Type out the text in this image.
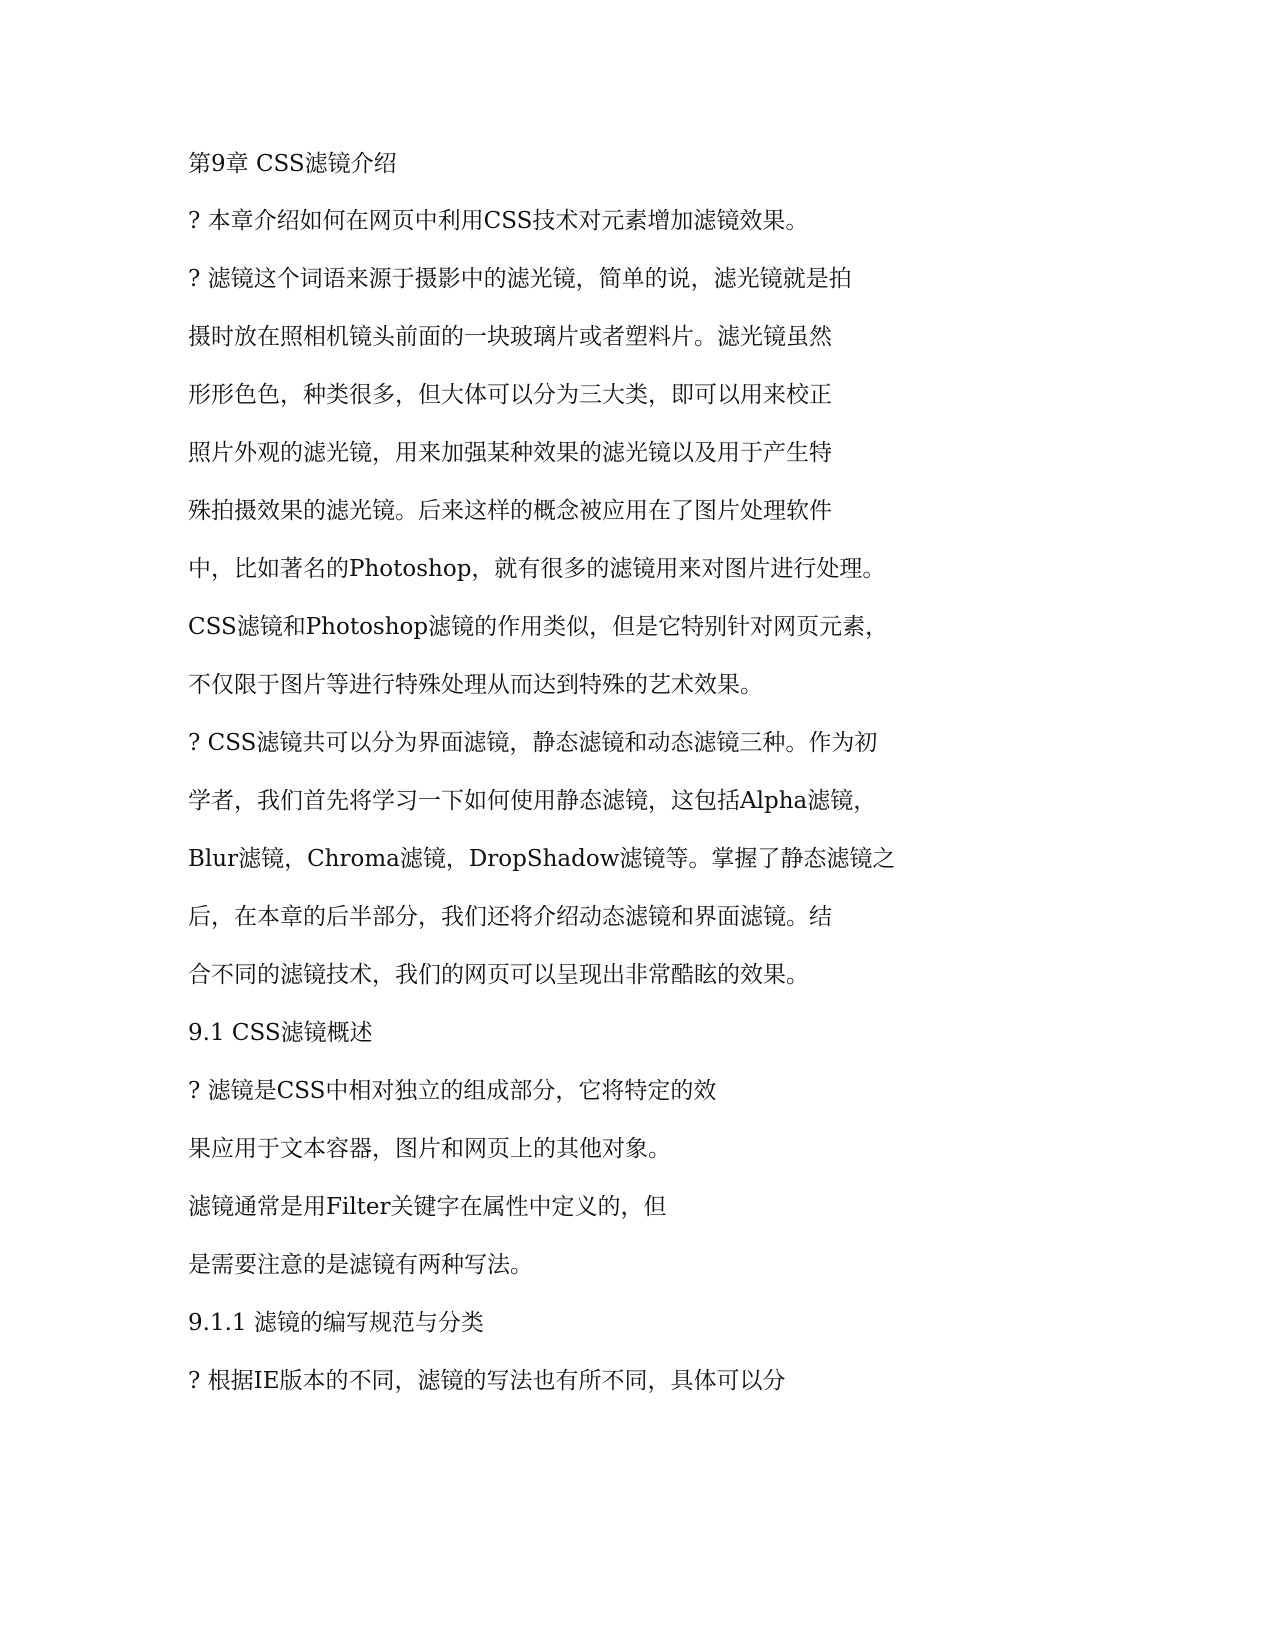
第9章 CSS滤镜介绍

? 本章介绍如何在网页中利用CSS技术对元素增加滤镜效果。

? 滤镜这个词语来源于摄影中的滤光镜，简单的说，滤光镜就是拍

摄时放在照相机镜头前面的一块玻璃片或者塑料片。滤光镜虽然

形形色色，种类很多，但大体可以分为三大类，即可以用来校正

照片外观的滤光镜，用来加强某种效果的滤光镜以及用于产生特

殊拍摄效果的滤光镜。后来这样的概念被应用在了图片处理软件

中，比如著名的Photoshop，就有很多的滤镜用来对图片进行处理。

CSS滤镜和Photoshop滤镜的作用类似，但是它特别针对网页元素，

不仅限于图片等进行特殊处理从而达到特殊的艺术效果。

? CSS滤镜共可以分为界面滤镜，静态滤镜和动态滤镜三种。作为初

学者，我们首先将学习一下如何使用静态滤镜，这包括Alpha滤镜，

Blur滤镜，Chroma滤镜，DropShadow滤镜等。掌握了静态滤镜之

后，在本章的后半部分，我们还将介绍动态滤镜和界面滤镜。结

合不同的滤镜技术，我们的网页可以呈现出非常酷眩的效果。

9.1 CSS滤镜概述

? 滤镜是CSS中相对独立的组成部分，它将特定的效

果应用于文本容器，图片和网页上的其他对象。

滤镜通常是用Filter关键字在属性中定义的，但

是需要注意的是滤镜有两种写法。

9.1.1 滤镜的编写规范与分类

? 根据IE版本的不同，滤镜的写法也有所不同，具体可以分
